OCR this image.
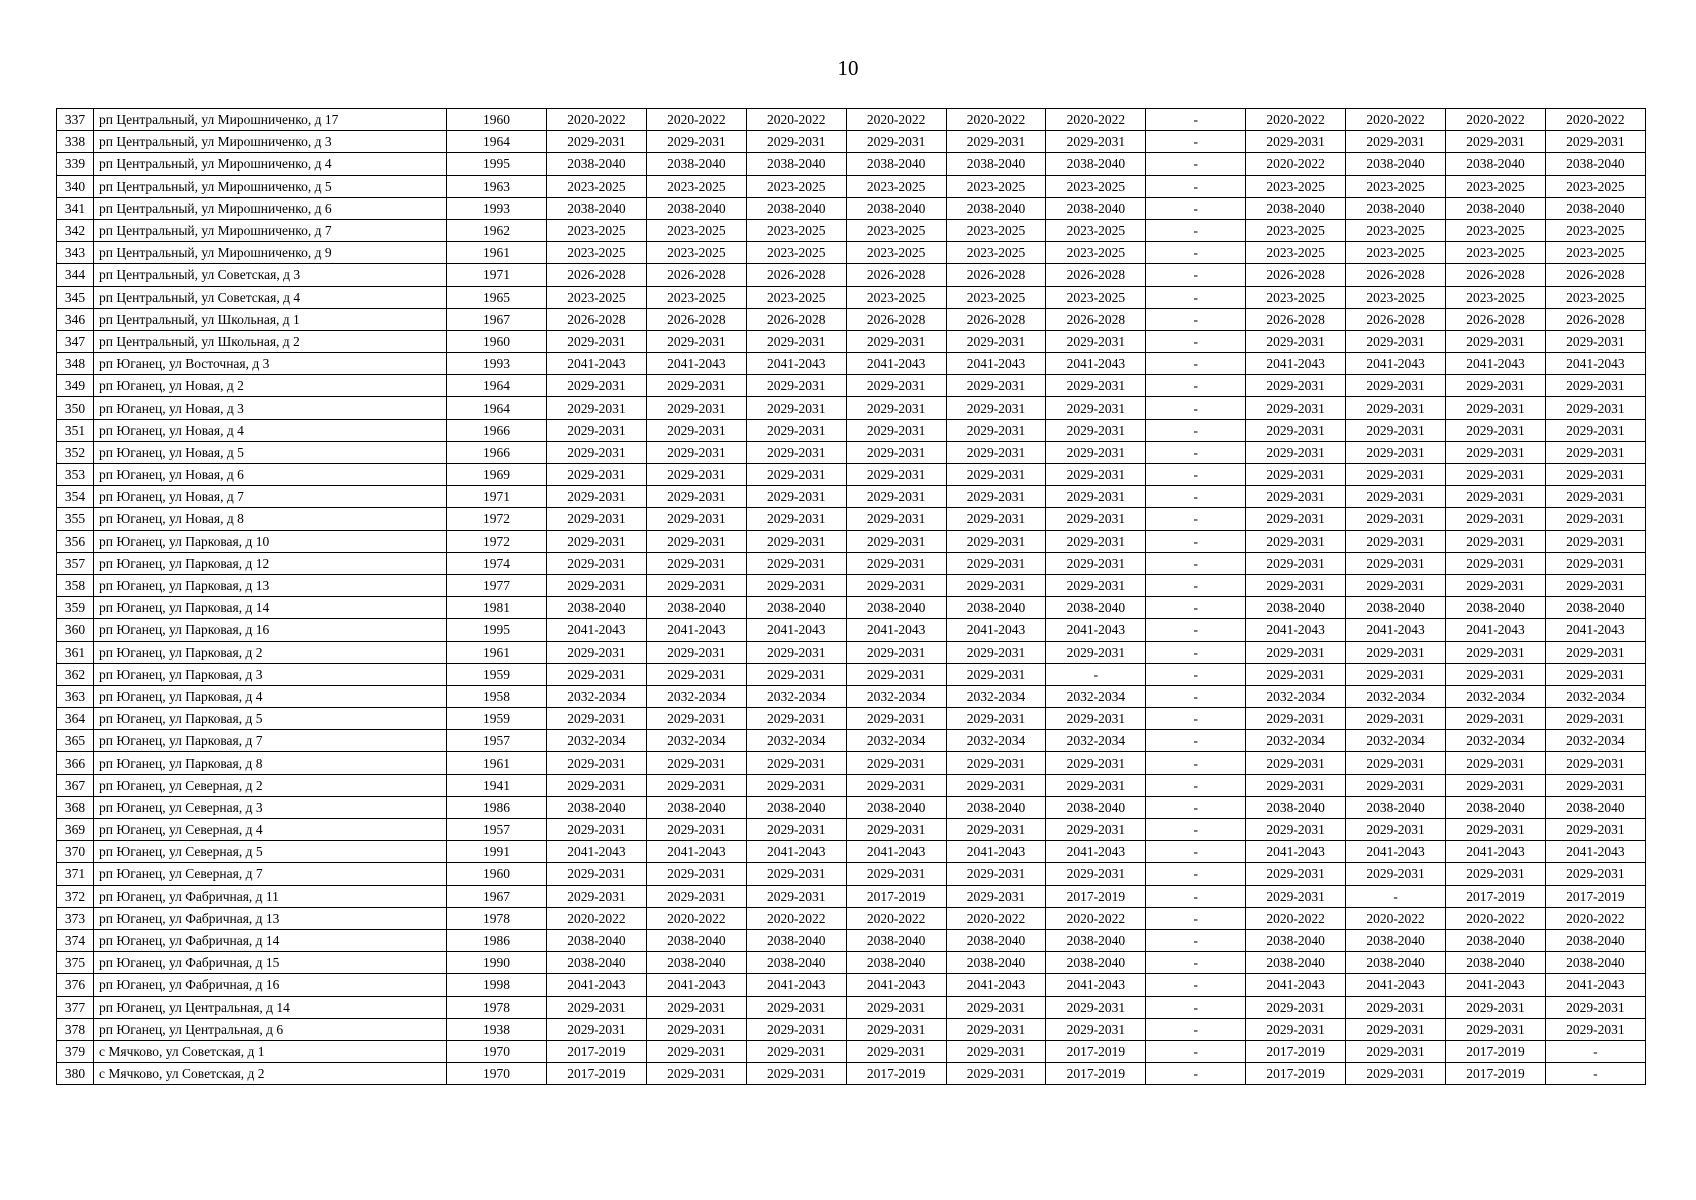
10
337	рп Центральный, ул Мирошниченко, д 17	1960	2020-2022	2020-2022	2020-2022	2020-2022	2020-2022	2020-2022	-	2020-2022	2020-2022	2020-2022	2020-2022
338	рп Центральный, ул Мирошниченко, д 3	1964	2029-2031	2029-2031	2029-2031	2029-2031	2029-2031	2029-2031	-	2029-2031	2029-2031	2029-2031	2029-2031
339	рп Центральный, ул Мирошниченко, д 4	1995	2038-2040	2038-2040	2038-2040	2038-2040	2038-2040	2038-2040	-	2020-2022	2038-2040	2038-2040	2038-2040
340	рп Центральный, ул Мирошниченко, д 5	1963	2023-2025	2023-2025	2023-2025	2023-2025	2023-2025	2023-2025	-	2023-2025	2023-2025	2023-2025	2023-2025
341	рп Центральный, ул Мирошниченко, д 6	1993	2038-2040	2038-2040	2038-2040	2038-2040	2038-2040	2038-2040	-	2038-2040	2038-2040	2038-2040	2038-2040
342	рп Центральный, ул Мирошниченко, д 7	1962	2023-2025	2023-2025	2023-2025	2023-2025	2023-2025	2023-2025	-	2023-2025	2023-2025	2023-2025	2023-2025
343	рп Центральный, ул Мирошниченко, д 9	1961	2023-2025	2023-2025	2023-2025	2023-2025	2023-2025	2023-2025	-	2023-2025	2023-2025	2023-2025	2023-2025
344	рп Центральный, ул Советская, д 3	1971	2026-2028	2026-2028	2026-2028	2026-2028	2026-2028	2026-2028	-	2026-2028	2026-2028	2026-2028	2026-2028
345	рп Центральный, ул Советская, д 4	1965	2023-2025	2023-2025	2023-2025	2023-2025	2023-2025	2023-2025	-	2023-2025	2023-2025	2023-2025	2023-2025
346	рп Центральный, ул Школьная, д 1	1967	2026-2028	2026-2028	2026-2028	2026-2028	2026-2028	2026-2028	-	2026-2028	2026-2028	2026-2028	2026-2028
347	рп Центральный, ул Школьная, д 2	1960	2029-2031	2029-2031	2029-2031	2029-2031	2029-2031	2029-2031	-	2029-2031	2029-2031	2029-2031	2029-2031
348	рп Юганец, ул Восточная, д 3	1993	2041-2043	2041-2043	2041-2043	2041-2043	2041-2043	2041-2043	-	2041-2043	2041-2043	2041-2043	2041-2043
349	рп Юганец, ул Новая, д 2	1964	2029-2031	2029-2031	2029-2031	2029-2031	2029-2031	2029-2031	-	2029-2031	2029-2031	2029-2031	2029-2031
350	рп Юганец, ул Новая, д 3	1964	2029-2031	2029-2031	2029-2031	2029-2031	2029-2031	2029-2031	-	2029-2031	2029-2031	2029-2031	2029-2031
351	рп Юганец, ул Новая, д 4	1966	2029-2031	2029-2031	2029-2031	2029-2031	2029-2031	2029-2031	-	2029-2031	2029-2031	2029-2031	2029-2031
352	рп Юганец, ул Новая, д 5	1966	2029-2031	2029-2031	2029-2031	2029-2031	2029-2031	2029-2031	-	2029-2031	2029-2031	2029-2031	2029-2031
353	рп Юганец, ул Новая, д 6	1969	2029-2031	2029-2031	2029-2031	2029-2031	2029-2031	2029-2031	-	2029-2031	2029-2031	2029-2031	2029-2031
354	рп Юганец, ул Новая, д 7	1971	2029-2031	2029-2031	2029-2031	2029-2031	2029-2031	2029-2031	-	2029-2031	2029-2031	2029-2031	2029-2031
355	рп Юганец, ул Новая, д 8	1972	2029-2031	2029-2031	2029-2031	2029-2031	2029-2031	2029-2031	-	2029-2031	2029-2031	2029-2031	2029-2031
356	рп Юганец, ул Парковая, д 10	1972	2029-2031	2029-2031	2029-2031	2029-2031	2029-2031	2029-2031	-	2029-2031	2029-2031	2029-2031	2029-2031
357	рп Юганец, ул Парковая, д 12	1974	2029-2031	2029-2031	2029-2031	2029-2031	2029-2031	2029-2031	-	2029-2031	2029-2031	2029-2031	2029-2031
358	рп Юганец, ул Парковая, д 13	1977	2029-2031	2029-2031	2029-2031	2029-2031	2029-2031	2029-2031	-	2029-2031	2029-2031	2029-2031	2029-2031
359	рп Юганец, ул Парковая, д 14	1981	2038-2040	2038-2040	2038-2040	2038-2040	2038-2040	2038-2040	-	2038-2040	2038-2040	2038-2040	2038-2040
360	рп Юганец, ул Парковая, д 16	1995	2041-2043	2041-2043	2041-2043	2041-2043	2041-2043	2041-2043	-	2041-2043	2041-2043	2041-2043	2041-2043
361	рп Юганец, ул Парковая, д 2	1961	2029-2031	2029-2031	2029-2031	2029-2031	2029-2031	2029-2031	-	2029-2031	2029-2031	2029-2031	2029-2031
362	рп Юганец, ул Парковая, д 3	1959	2029-2031	2029-2031	2029-2031	2029-2031	2029-2031	-	-	2029-2031	2029-2031	2029-2031	2029-2031
363	рп Юганец, ул Парковая, д 4	1958	2032-2034	2032-2034	2032-2034	2032-2034	2032-2034	2032-2034	-	2032-2034	2032-2034	2032-2034	2032-2034
364	рп Юганец, ул Парковая, д 5	1959	2029-2031	2029-2031	2029-2031	2029-2031	2029-2031	2029-2031	-	2029-2031	2029-2031	2029-2031	2029-2031
365	рп Юганец, ул Парковая, д 7	1957	2032-2034	2032-2034	2032-2034	2032-2034	2032-2034	2032-2034	-	2032-2034	2032-2034	2032-2034	2032-2034
366	рп Юганец, ул Парковая, д 8	1961	2029-2031	2029-2031	2029-2031	2029-2031	2029-2031	2029-2031	-	2029-2031	2029-2031	2029-2031	2029-2031
367	рп Юганец, ул Северная, д 2	1941	2029-2031	2029-2031	2029-2031	2029-2031	2029-2031	2029-2031	-	2029-2031	2029-2031	2029-2031	2029-2031
368	рп Юганец, ул Северная, д 3	1986	2038-2040	2038-2040	2038-2040	2038-2040	2038-2040	2038-2040	-	2038-2040	2038-2040	2038-2040	2038-2040
369	рп Юганец, ул Северная, д 4	1957	2029-2031	2029-2031	2029-2031	2029-2031	2029-2031	2029-2031	-	2029-2031	2029-2031	2029-2031	2029-2031
370	рп Юганец, ул Северная, д 5	1991	2041-2043	2041-2043	2041-2043	2041-2043	2041-2043	2041-2043	-	2041-2043	2041-2043	2041-2043	2041-2043
371	рп Юганец, ул Северная, д 7	1960	2029-2031	2029-2031	2029-2031	2029-2031	2029-2031	2029-2031	-	2029-2031	2029-2031	2029-2031	2029-2031
372	рп Юганец, ул Фабричная, д 11	1967	2029-2031	2029-2031	2029-2031	2017-2019	2029-2031	2017-2019	-	2029-2031	-	2017-2019	2017-2019
373	рп Юганец, ул Фабричная, д 13	1978	2020-2022	2020-2022	2020-2022	2020-2022	2020-2022	2020-2022	-	2020-2022	2020-2022	2020-2022	2020-2022
374	рп Юганец, ул Фабричная, д 14	1986	2038-2040	2038-2040	2038-2040	2038-2040	2038-2040	2038-2040	-	2038-2040	2038-2040	2038-2040	2038-2040
375	рп Юганец, ул Фабричная, д 15	1990	2038-2040	2038-2040	2038-2040	2038-2040	2038-2040	2038-2040	-	2038-2040	2038-2040	2038-2040	2038-2040
376	рп Юганец, ул Фабричная, д 16	1998	2041-2043	2041-2043	2041-2043	2041-2043	2041-2043	2041-2043	-	2041-2043	2041-2043	2041-2043	2041-2043
377	рп Юганец, ул Центральная, д 14	1978	2029-2031	2029-2031	2029-2031	2029-2031	2029-2031	2029-2031	-	2029-2031	2029-2031	2029-2031	2029-2031
378	рп Юганец, ул Центральная, д 6	1938	2029-2031	2029-2031	2029-2031	2029-2031	2029-2031	2029-2031	-	2029-2031	2029-2031	2029-2031	2029-2031
379	с Мячково, ул Советская, д 1	1970	2017-2019	2029-2031	2029-2031	2029-2031	2029-2031	2017-2019	-	2017-2019	2029-2031	2017-2019	-
380	с Мячково, ул Советская, д 2	1970	2017-2019	2029-2031	2029-2031	2017-2019	2029-2031	2017-2019	-	2017-2019	2029-2031	2017-2019	-
